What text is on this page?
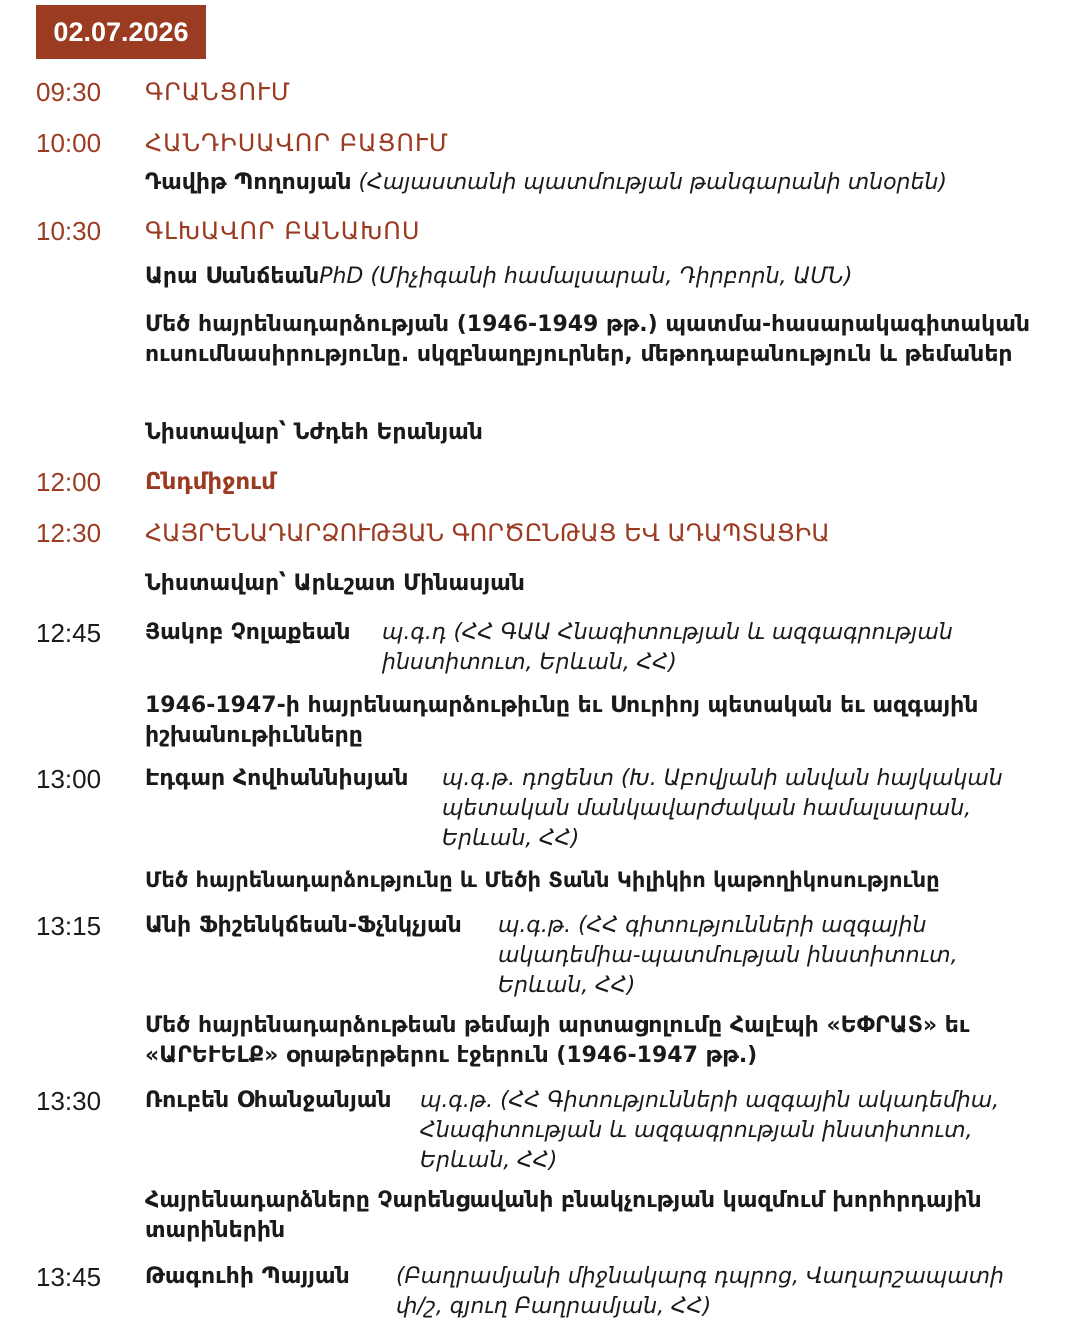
02.07.2026
09:30 ԳՐԱՆՑՈՒՄ
10:00 ՀԱՆԴԻՍԱՎՈՐ ԲԱՑՈՒՄ
Դավիթ Պողոսյան (Հայաստանի պատմության թանգարանի տնօրեն)
10:30 ԳԼԽԱՎՈՐ ԲԱՆԱԽՈՍ
Արա ՍանճեանPhD (Միչիգանի համալսարան, Դիրբորն, ԱՄՆ)
Մեծ հայրենադարձության (1946-1949 թթ.) պատմա-հասարակագիտական ուսումնասիրությունը. սկզբնաղբյուրներ, մեթոդաբանություն և թեմաներ
Նիստավար՝ Նժդեհ Երանյան
12:00 Ընդմիջում
12:30 ՀԱՅՐԵՆԱԴԱՐՁՈՒԹՅԱՆ ԳՈՐԾԸՆԹԱՑ ԵՎ ԱԴԱՊՏԱՑԻԱ
Նիստավար՝ Արևշատ Մինասյան
12:45 Յակոբ Չոլաքեան պ.գ.դ (ՀՀ ԳԱԱ Հնագիտության և ազգագրության ինստիտուտ, Երևան, ՀՀ)
1946-1947-ի հայրենադարձութիւնը եւ Սուրիոյ պետական եւ ազգային իշխանութիւնները
13:00 Էդգար Հովհաննիսյան պ.գ.թ. դոցենտ (Խ. Աբովյանի անվան հայկական պետական մանկավարժական համալսարան, Երևան, ՀՀ)
Մեծ հայրենադարձությունը և Մեծի Տանն Կիլիկիո կաթողիկոսությունը
13:15 Անի Ֆիշենկճեան-Ֆչնկչյան պ.գ.թ. (ՀՀ գիտությունների ազգային ակադեմիա-պատմության ինստիտուտ, Երևան, ՀՀ)
Մեծ հայրենադարձութեան թեմայի արտացոլումը Հալէպի «ԵՓՐԱՏ» եւ «ԱՐԵՒԵԼՔ» օրաթերթերու էջերուն (1946-1947 թթ.)
13:30 Ռուբեն Օհանջանյան պ.գ.թ. (ՀՀ Գիտությունների ազգային ակադեմիա, Հնագիտության և ազգագրության ինստիտուտ, Երևան, ՀՀ)
Հայրենադարձները Չարենցավանի բնակչության կազմում խորհրդային տարիներին
13:45 Թագուհի Պայյան (Բաղրամյանի միջնակարգ դպրոց, Վաղարշապատի փ/շ, գյուղ Բաղրամյան, ՀՀ)
